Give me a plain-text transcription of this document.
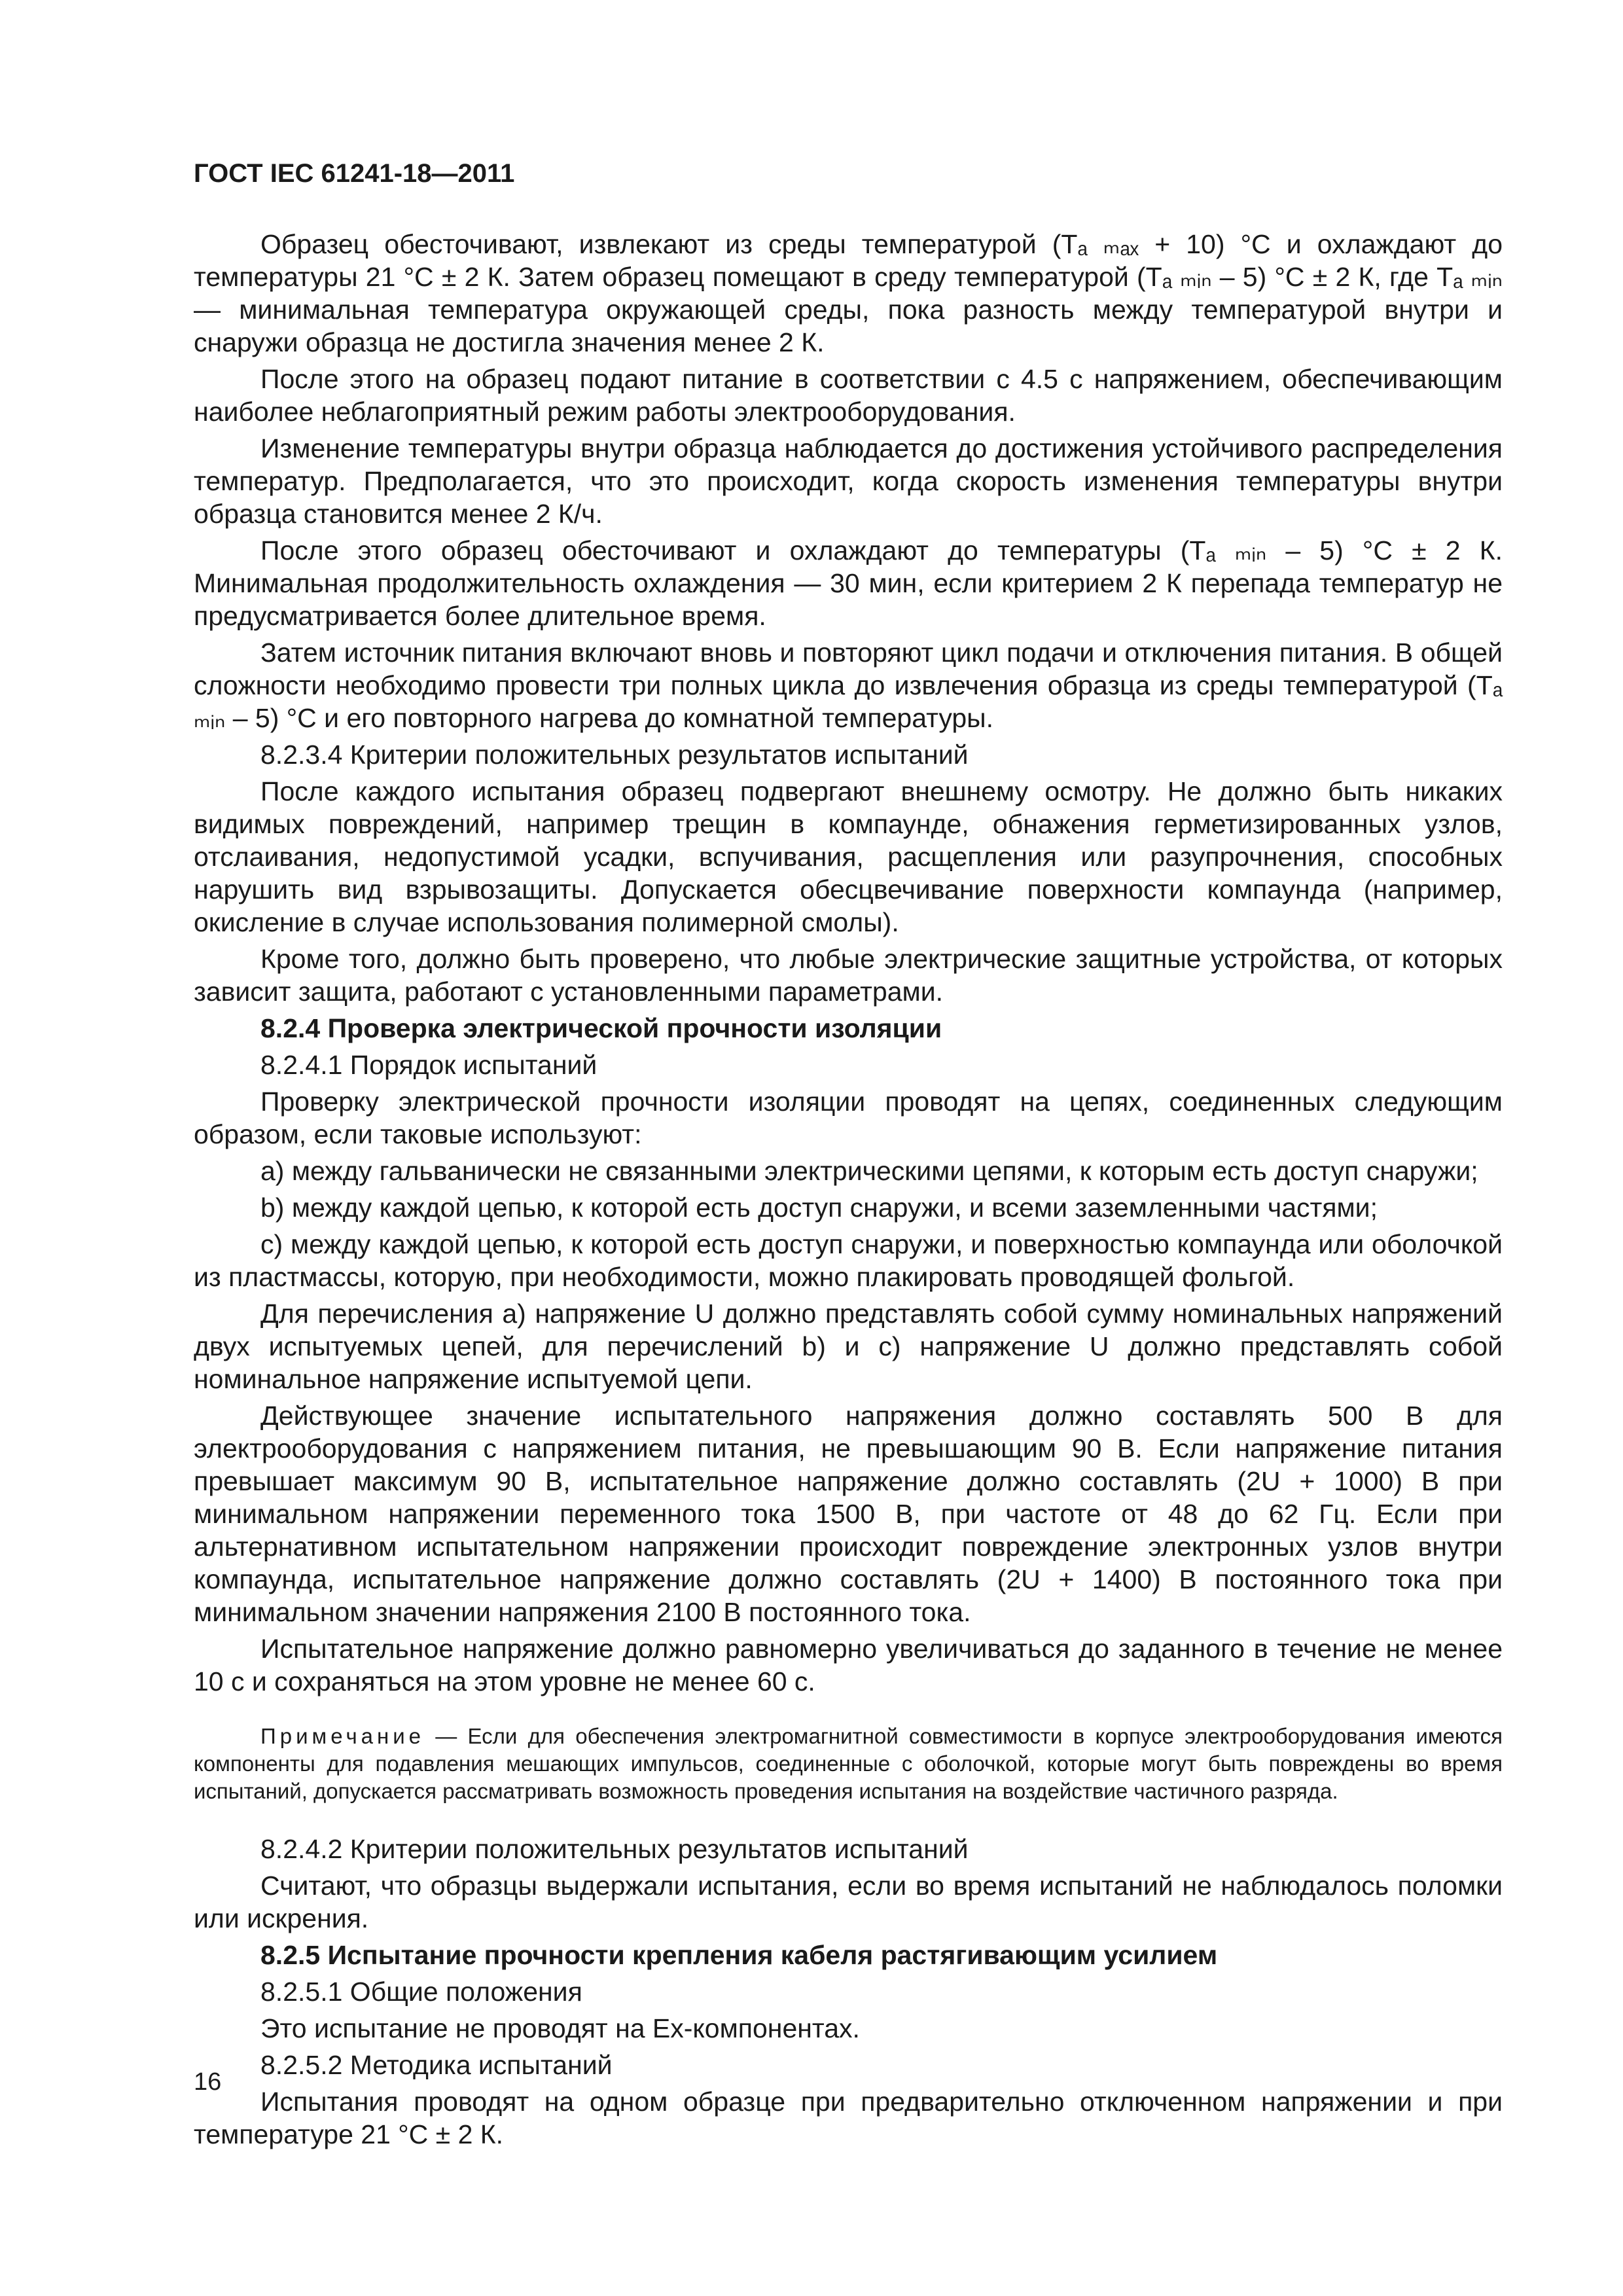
ГОСТ IEC 61241-18—2011

Образец обесточивают, извлекают из среды температурой (Tₐ ₘₐₓ + 10) °С и охлаждают до температуры 21 °С ± 2 К. Затем образец помещают в среду температурой (Tₐ ₘᵢₙ – 5) °С ± 2 К, где Tₐ ₘᵢₙ — минимальная температура окружающей среды, пока разность между температурой внутри и снаружи образца не достигла значения менее 2 К.

После этого на образец подают питание в соответствии с 4.5 с напряжением, обеспечивающим наиболее неблагоприятный режим работы электрооборудования.

Изменение температуры внутри образца наблюдается до достижения устойчивого распределения температур. Предполагается, что это происходит, когда скорость изменения температуры внутри образца становится менее 2 К/ч.

После этого образец обесточивают и охлаждают до температуры (Tₐ ₘᵢₙ – 5) °С ± 2 К. Минимальная продолжительность охлаждения — 30 мин, если критерием 2 К перепада температур не предусматривается более длительное время.

Затем источник питания включают вновь и повторяют цикл подачи и отключения питания. В общей сложности необходимо провести три полных цикла до извлечения образца из среды температурой (Tₐ ₘᵢₙ – 5) °С и его повторного нагрева до комнатной температуры.

8.2.3.4 Критерии положительных результатов испытаний

После каждого испытания образец подвергают внешнему осмотру. Не должно быть никаких видимых повреждений, например трещин в компаунде, обнажения герметизированных узлов, отслаивания, недопустимой усадки, вспучивания, расщепления или разупрочнения, способных нарушить вид взрывозащиты. Допускается обесцвечивание поверхности компаунда (например, окисление в случае использования полимерной смолы).

Кроме того, должно быть проверено, что любые электрические защитные устройства, от которых зависит защита, работают с установленными параметрами.

8.2.4 Проверка электрической прочности изоляции

8.2.4.1 Порядок испытаний

Проверку электрической прочности изоляции проводят на цепях, соединенных следующим образом, если таковые используют:

a) между гальванически не связанными электрическими цепями, к которым есть доступ снаружи;

b) между каждой цепью, к которой есть доступ снаружи, и всеми заземленными частями;

c) между каждой цепью, к которой есть доступ снаружи, и поверхностью компаунда или оболочкой из пластмассы, которую, при необходимости, можно плакировать проводящей фольгой.

Для перечисления a) напряжение U должно представлять собой сумму номинальных напряжений двух испытуемых цепей, для перечислений b) и c) напряжение U должно представлять собой номинальное напряжение испытуемой цепи.

Действующее значение испытательного напряжения должно составлять 500 В для электрооборудования с напряжением питания, не превышающим 90 В. Если напряжение питания превышает максимум 90 В, испытательное напряжение должно составлять (2U + 1000) В при минимальном напряжении переменного тока 1500 В, при частоте от 48 до 62 Гц. Если при альтернативном испытательном напряжении происходит повреждение электронных узлов внутри компаунда, испытательное напряжение должно составлять (2U + 1400) В постоянного тока при минимальном значении напряжения 2100 В постоянного тока.

Испытательное напряжение должно равномерно увеличиваться до заданного в течение не менее 10 с и сохраняться на этом уровне не менее 60 с.

Примечание — Если для обеспечения электромагнитной совместимости в корпусе электрооборудования имеются компоненты для подавления мешающих импульсов, соединенные с оболочкой, которые могут быть повреждены во время испытаний, допускается рассматривать возможность проведения испытания на воздействие частичного разряда.

8.2.4.2 Критерии положительных результатов испытаний

Считают, что образцы выдержали испытания, если во время испытаний не наблюдалось поломки или искрения.

8.2.5 Испытание прочности крепления кабеля растягивающим усилием

8.2.5.1 Общие положения

Это испытание не проводят на Ex-компонентах.

8.2.5.2 Методика испытаний

Испытания проводят на одном образце при предварительно отключенном напряжении и при температуре 21 °С ± 2 К.

16
